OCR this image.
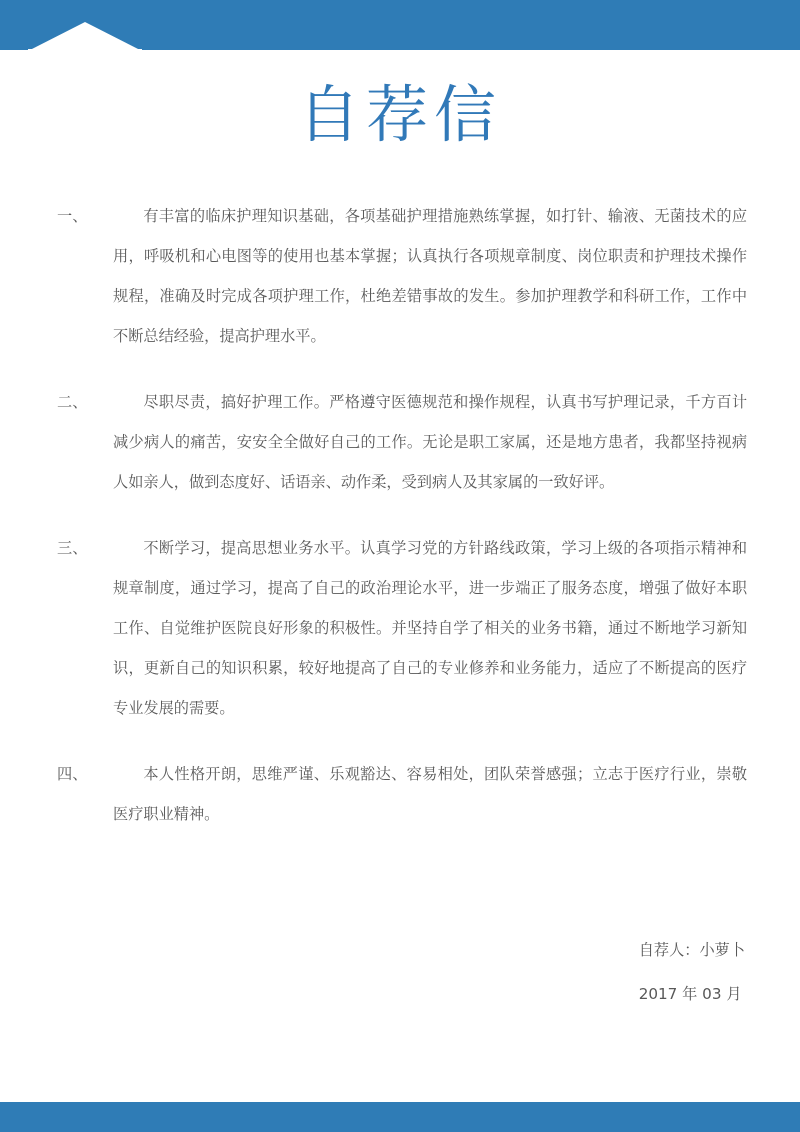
自荐信
一、	有丰富的临床护理知识基础，各项基础护理措施熟练掌握，如打针、输液、无菌技术的应用，呼吸机和心电图等的使用也基本掌握；认真执行各项规章制度、岗位职责和护理技术操作规程，准确及时完成各项护理工作，杜绝差错事故的发生。参加护理教学和科研工作，工作中不断总结经验，提高护理水平。
二、	尽职尽责，搞好护理工作。严格遵守医德规范和操作规程，认真书写护理记录，千方百计减少病人的痛苦，安安全全做好自己的工作。无论是职工家属，还是地方患者，我都坚持视病人如亲人，做到态度好、话语亲、动作柔，受到病人及其家属的一致好评。
三、	不断学习，提高思想业务水平。认真学习党的方针路线政策，学习上级的各项指示精神和规章制度，通过学习，提高了自己的政治理论水平，进一步端正了服务态度，增强了做好本职工作、自觉维护医院良好形象的积极性。并坚持自学了相关的业务书籍，通过不断地学习新知识，更新自己的知识积累，较好地提高了自己的专业修养和业务能力，适应了不断提高的医疗专业发展的需要。
四、	本人性格开朗，思维严谨、乐观豁达、容易相处，团队荣誉感强；立志于医疗行业，崇敬医疗职业精神。
自荐人：小萝卜
2017 年 03 月
